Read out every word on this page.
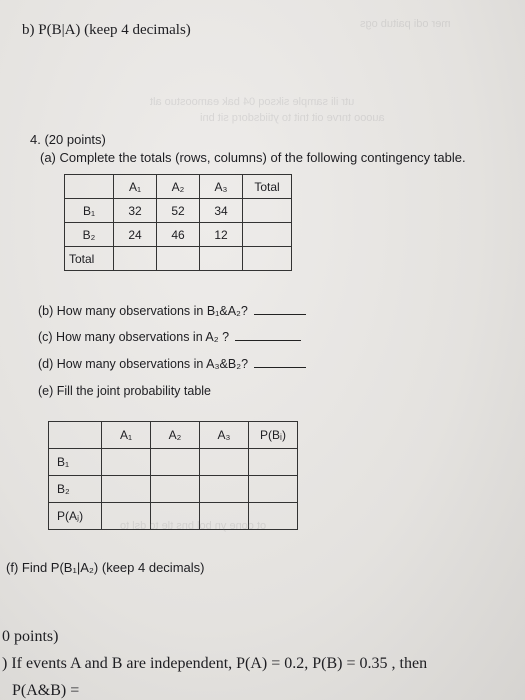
mer odi paitub ogs
utr ili sample siksoq 04 bak eamoostuo alt
auooo tnrve oit tnit to ytiidsdorq sit bni
b) P(B|A) (keep 4 decimals)
4. (20 points)
(a) Complete the totals (rows, columns) of the following contingency table.
	A₁	A₂	A₃	Total
B₁	32	52	34	
B₂	24	46	12	
Total				
(b) How many observations in B₁&A₂?
(c) How many observations in A₂ ?
(d) How many observations in A₃&B₂?
(e) Fill the joint probability table
	A₁	A₂	A₃	P(Bᵢ)
B₁				
B₂				
P(Aⱼ)				
ot oone yn bol bns tle to dsl to
(f) Find P(B₁|A₂) (keep 4 decimals)
0 points)
) If events A and B are independent, P(A) = 0.2, P(B) = 0.35 , then
P(A&B) =
